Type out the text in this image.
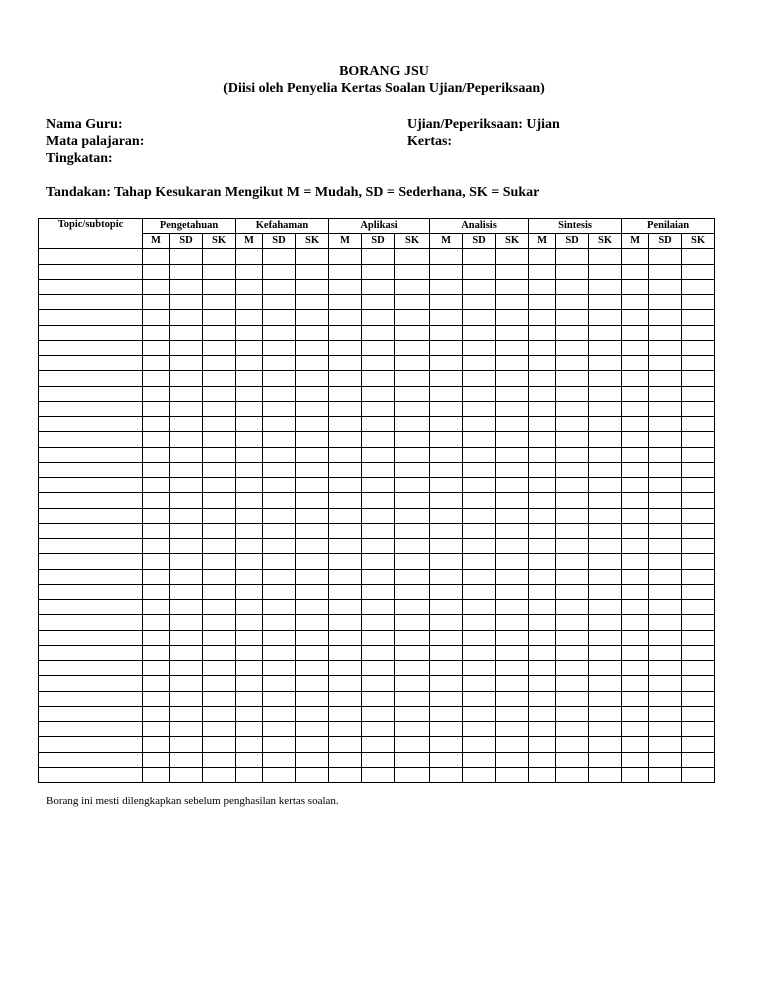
BORANG JSU
(Diisi oleh Penyelia Kertas Soalan Ujian/Peperiksaan)
Nama Guru:
Mata palajaran:
Tingkatan:
Ujian/Peperiksaan: Ujian
Kertas:
Tandakan: Tahap Kesukaran Mengikut M = Mudah, SD = Sederhana, SK = Sukar
Topic/subtopic	Pengetahuan			Kefahaman			Aplikasi			Analisis			Sintesis			Penilaian		
	M	SD	SK	M	SD	SK	M	SD	SK	M	SD	SK	M	SD	SK	M	SD	SK

Borang ini mesti dilengkapkan sebelum penghasilan kertas soalan.
